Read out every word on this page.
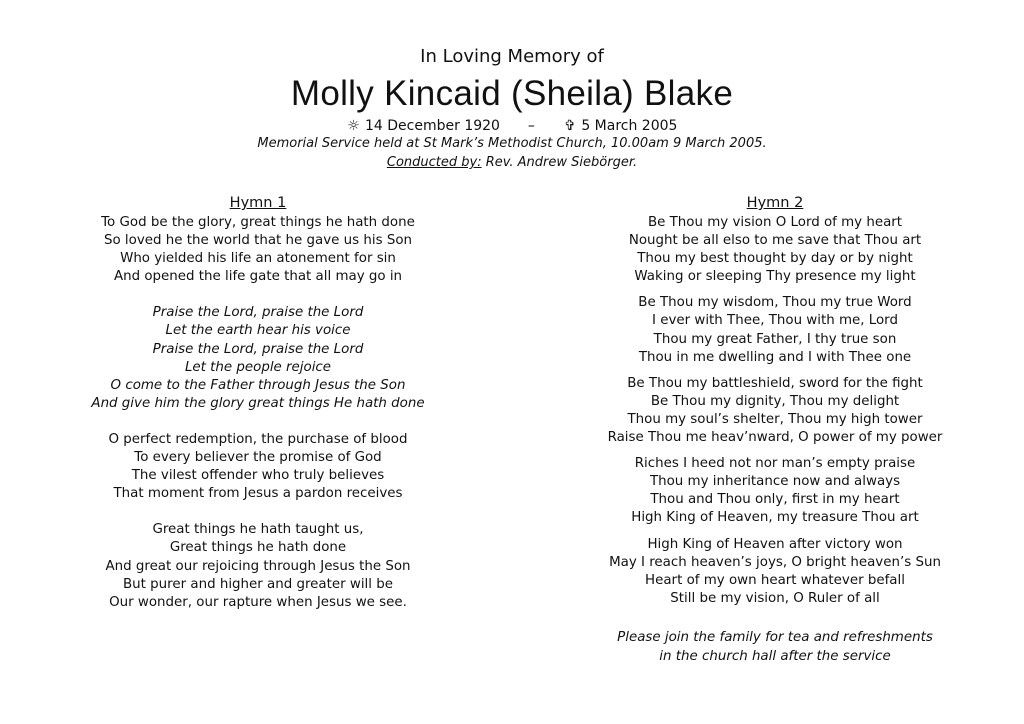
In Loving Memory of
Molly Kincaid (Sheila) Blake
☼ 14 December 1920 – ✞ 5 March 2005
Memorial Service held at St Mark’s Methodist Church, 10.00am 9 March 2005.
Conducted by: Rev. Andrew Siebörger.
Hymn 1
To God be the glory, great things he hath done
So loved he the world that he gave us his Son
Who yielded his life an atonement for sin
And opened the life gate that all may go in
Praise the Lord, praise the Lord
Let the earth hear his voice
Praise the Lord, praise the Lord
Let the people rejoice
O come to the Father through Jesus the Son
And give him the glory great things He hath done
O perfect redemption, the purchase of blood
To every believer the promise of God
The vilest offender who truly believes
That moment from Jesus a pardon receives
Great things he hath taught us,
Great things he hath done
And great our rejoicing through Jesus the Son
But purer and higher and greater will be
Our wonder, our rapture when Jesus we see.
Hymn 2
Be Thou my vision O Lord of my heart
Nought be all elso to me save that Thou art
Thou my best thought by day or by night
Waking or sleeping Thy presence my light
Be Thou my wisdom, Thou my true Word
I ever with Thee, Thou with me, Lord
Thou my great Father, I thy true son
Thou in me dwelling and I with Thee one
Be Thou my battleshield, sword for the fight
Be Thou my dignity, Thou my delight
Thou my soul’s shelter, Thou my high tower
Raise Thou me heav’nward, O power of my power
Riches I heed not nor man’s empty praise
Thou my inheritance now and always
Thou and Thou only, first in my heart
High King of Heaven, my treasure Thou art
High King of Heaven after victory won
May I reach heaven’s joys, O bright heaven’s Sun
Heart of my own heart whatever befall
Still be my vision, O Ruler of all
Please join the family for tea and refreshments
in the church hall after the service
